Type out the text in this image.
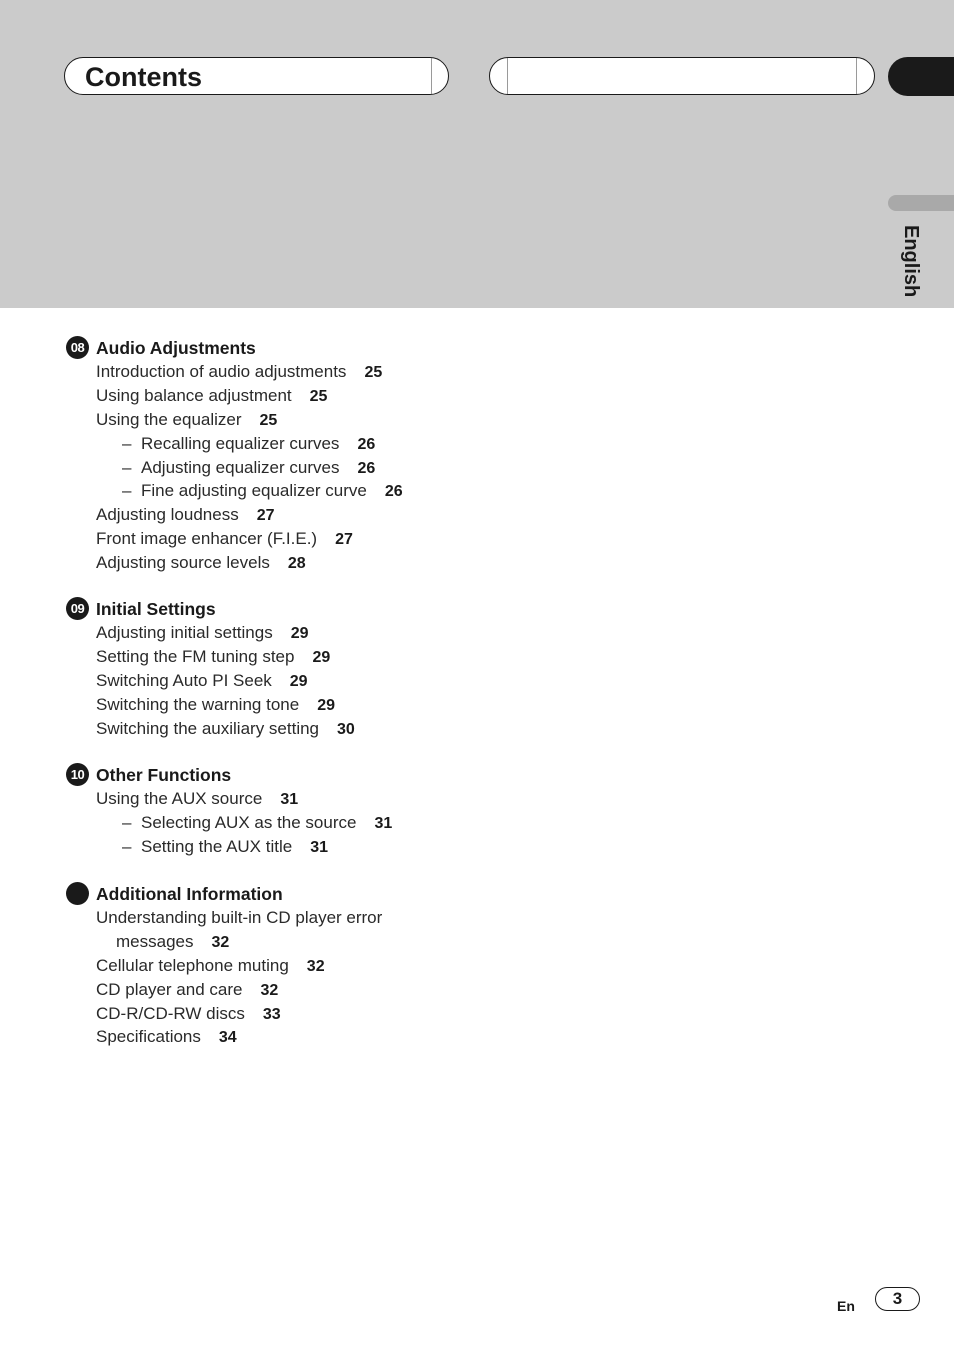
Contents
English
08 Audio Adjustments
Introduction of audio adjustments 25
Using balance adjustment 25
Using the equalizer 25
– Recalling equalizer curves 26
– Adjusting equalizer curves 26
– Fine adjusting equalizer curve 26
Adjusting loudness 27
Front image enhancer (F.I.E.) 27
Adjusting source levels 28
09 Initial Settings
Adjusting initial settings 29
Setting the FM tuning step 29
Switching Auto PI Seek 29
Switching the warning tone 29
Switching the auxiliary setting 30
10 Other Functions
Using the AUX source 31
– Selecting AUX as the source 31
– Setting the AUX title 31
Additional Information
Understanding built-in CD player error
messages 32
Cellular telephone muting 32
CD player and care 32
CD-R/CD-RW discs 33
Specifications 34
En	3
